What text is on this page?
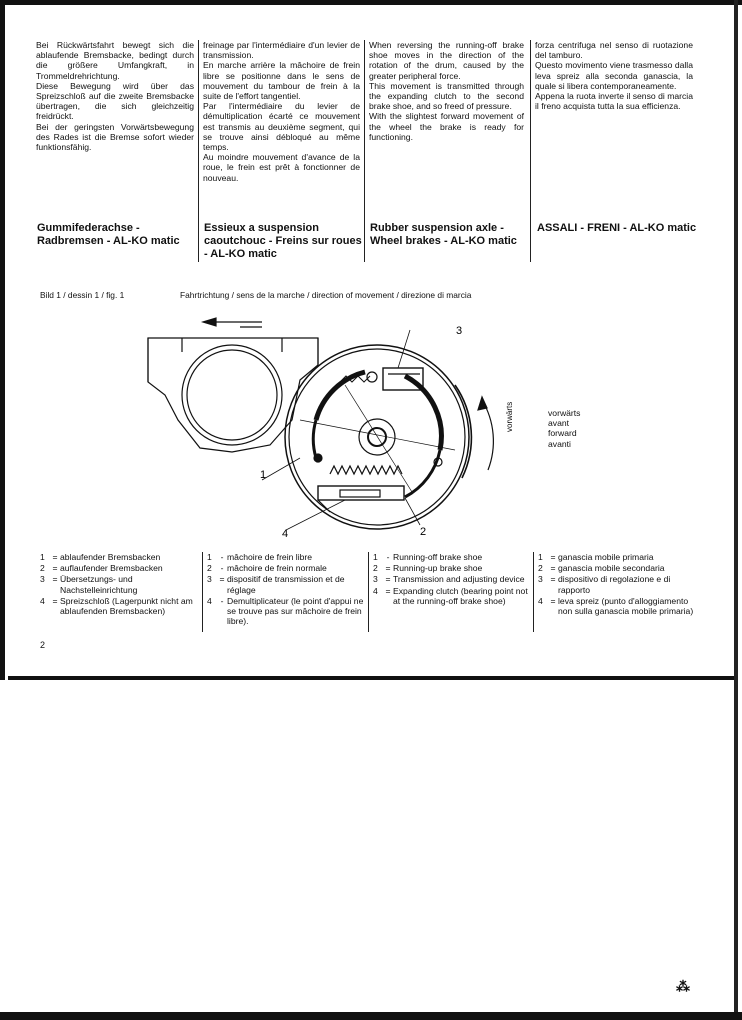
Bei Rückwärtsfahrt bewegt sich die ablaufende Bremsbacke, bedingt durch die größere Umfangkraft, in Trommeldrehrichtung.

Diese Bewegung wird über das Spreizschloß auf die zweite Bremsbacke übertragen, die sich gleichzeitig freidrückt.

Bei der geringsten Vorwärtsbewegung des Rades ist die Bremse sofort wieder funktionsfähig.

freinage par l'intermédiaire d'un levier de transmission.

En marche arrière la mâchoire de frein libre se positionne dans le sens de mouvement du tambour de frein à la suite de l'effort tangentiel.

Par l'intermédiaire du levier de démultiplication écarté ce mouvement est transmis au deuxième segment, qui se trouve ainsi débloqué au même temps.

Au moindre mouvement d'avance de la roue, le frein est prêt à fonctionner de nouveau.

When reversing the running-off brake shoe moves in the direction of the rotation of the drum, caused by the greater peripheral force.

This movement is transmitted through the expanding clutch to the second brake shoe, and so freed of pressure.

With the slightest forward movement of the wheel the brake is ready for functioning.

forza centrifuga nel senso di ruotazione del tamburo.

Questo movimento viene trasmesso dalla leva spreiz alla seconda ganascia, la quale si libera contemporaneamente.

Appena la ruota inverte il senso di marcia il freno acquista tutta la sua efficienza.

Gummifederachse - Radbremsen - AL-KO matic
Essieux a suspension caoutchouc - Freins sur roues - AL-KO matic
Rubber suspension axle - Wheel brakes - AL-KO matic
ASSALI - FRENI - AL-KO matic
Bild 1 / dessin 1 / fig. 1	Fahrtrichtung / sens de la marche / direction of movement / direzione di marcia
3
1
2
4
vorwärts	vorwärts
avant
forward
avanti
1 = ablaufender Bremsbacken
2 = auflaufender Bremsbacken
3 = Übersetzungs- und Nachstelleinrichtung
4 = Spreizschloß (Lagerpunkt nicht am ablaufenden Bremsbacken)
1	- mâchoire de frein libre
2	- mâchoire de frein normale
3 = dispositif de transmission et de réglage
4	- Demultiplicateur (le point d'appui ne se trouve pas sur mâchoire de frein libre).
1	- Running-off brake shoe
2 = Running-up brake shoe
3 = Transmission and adjusting device
4 = Expanding clutch (bearing point not at the running-off brake shoe)
1 = ganascia mobile primaria
2 = ganascia mobile secondaria
3 = dispositivo di regolazione e di rapporto
4 = leva spreiz (punto d'alloggiamento non sulla ganascia mobile primaria)
2
⁂
